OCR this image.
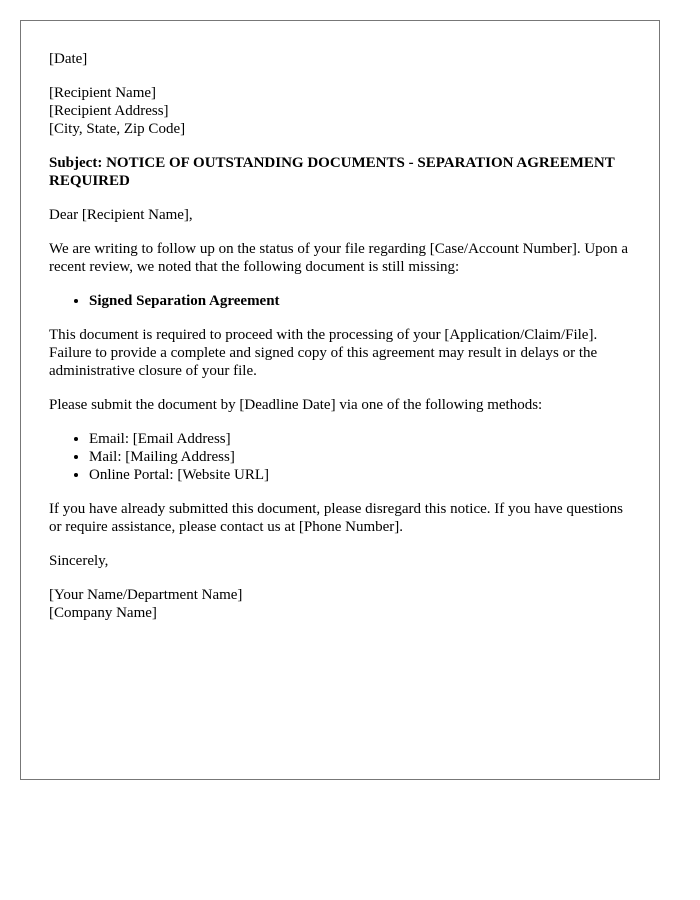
[Date]
[Recipient Name]
[Recipient Address]
[City, State, Zip Code]
Subject: NOTICE OF OUTSTANDING DOCUMENTS - SEPARATION AGREEMENT REQUIRED

Dear [Recipient Name],

We are writing to follow up on the status of your file regarding [Case/Account Number]. Upon a recent review, we noted that the following document is still missing:

• Signed Separation Agreement

This document is required to proceed with the processing of your [Application/Claim/File]. Failure to provide a complete and signed copy of this agreement may result in delays or the administrative closure of your file.

Please submit the document by [Deadline Date] via one of the following methods:

• Email: [Email Address]
• Mail: [Mailing Address]
• Online Portal: [Website URL]

If you have already submitted this document, please disregard this notice. If you have questions or require assistance, please contact us at [Phone Number].

Sincerely,

[Your Name/Department Name]
[Company Name]
